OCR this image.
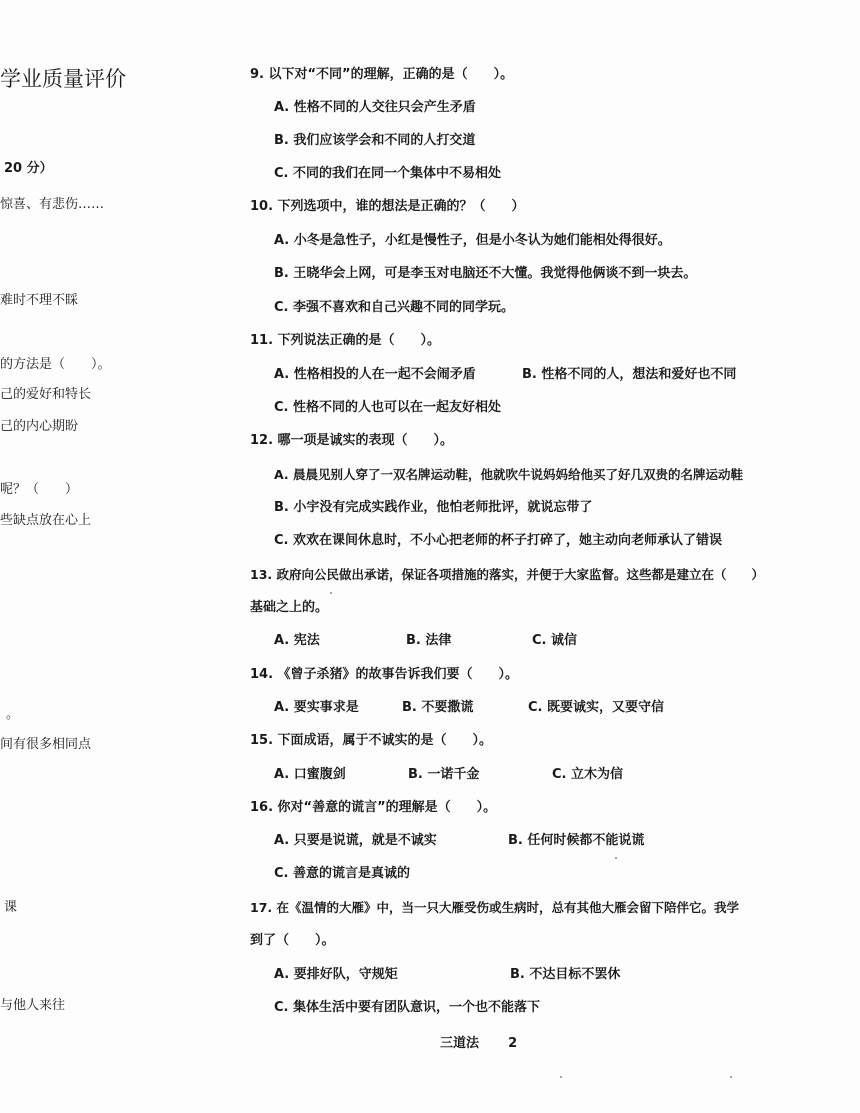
学业质量评价
20 分）
惊喜、有悲伤……
难时不理不睬
的方法是（　　）。
己的爱好和特长
己的内心期盼
呢？（　　）
些缺点放在心上
。
间有很多相同点
课
与他人来往
9. 以下对“不同”的理解，正确的是（　　）。
A. 性格不同的人交往只会产生矛盾
B. 我们应该学会和不同的人打交道
C. 不同的我们在同一个集体中不易相处
10. 下列选项中，谁的想法是正确的？（　　）
A. 小冬是急性子，小红是慢性子，但是小冬认为她们能相处得很好。
B. 王晓华会上网，可是李玉对电脑还不大懂。我觉得他俩谈不到一块去。
C. 李强不喜欢和自己兴趣不同的同学玩。
11. 下列说法正确的是（　　）。
A. 性格相投的人在一起不会闹矛盾	B. 性格不同的人，想法和爱好也不同
C. 性格不同的人也可以在一起友好相处
12. 哪一项是诚实的表现（　　）。
A. 晨晨见别人穿了一双名牌运动鞋，他就吹牛说妈妈给他买了好几双贵的名牌运动鞋
B. 小宇没有完成实践作业，他怕老师批评，就说忘带了
C. 欢欢在课间休息时，不小心把老师的杯子打碎了，她主动向老师承认了错误
13. 政府向公民做出承诺，保证各项措施的落实，并便于大家监督。这些都是建立在（　　）
基础之上的。
A. 宪法	B. 法律	C. 诚信
14. 《曾子杀猪》的故事告诉我们要（　　）。
A. 要实事求是	B. 不要撒谎	C. 既要诚实，又要守信
15. 下面成语，属于不诚实的是（　　）。
A. 口蜜腹剑	B. 一诺千金	C. 立木为信
16. 你对“善意的谎言”的理解是（　　）。
A. 只要是说谎，就是不诚实	B. 任何时候都不能说谎
C. 善意的谎言是真诚的
17. 在《温情的大雁》中，当一只大雁受伤或生病时，总有其他大雁会留下陪伴它。我学
到了（　　）。
A. 要排好队，守规矩	B. 不达目标不罢休
C. 集体生活中要有团队意识，一个也不能落下
三道法 2
